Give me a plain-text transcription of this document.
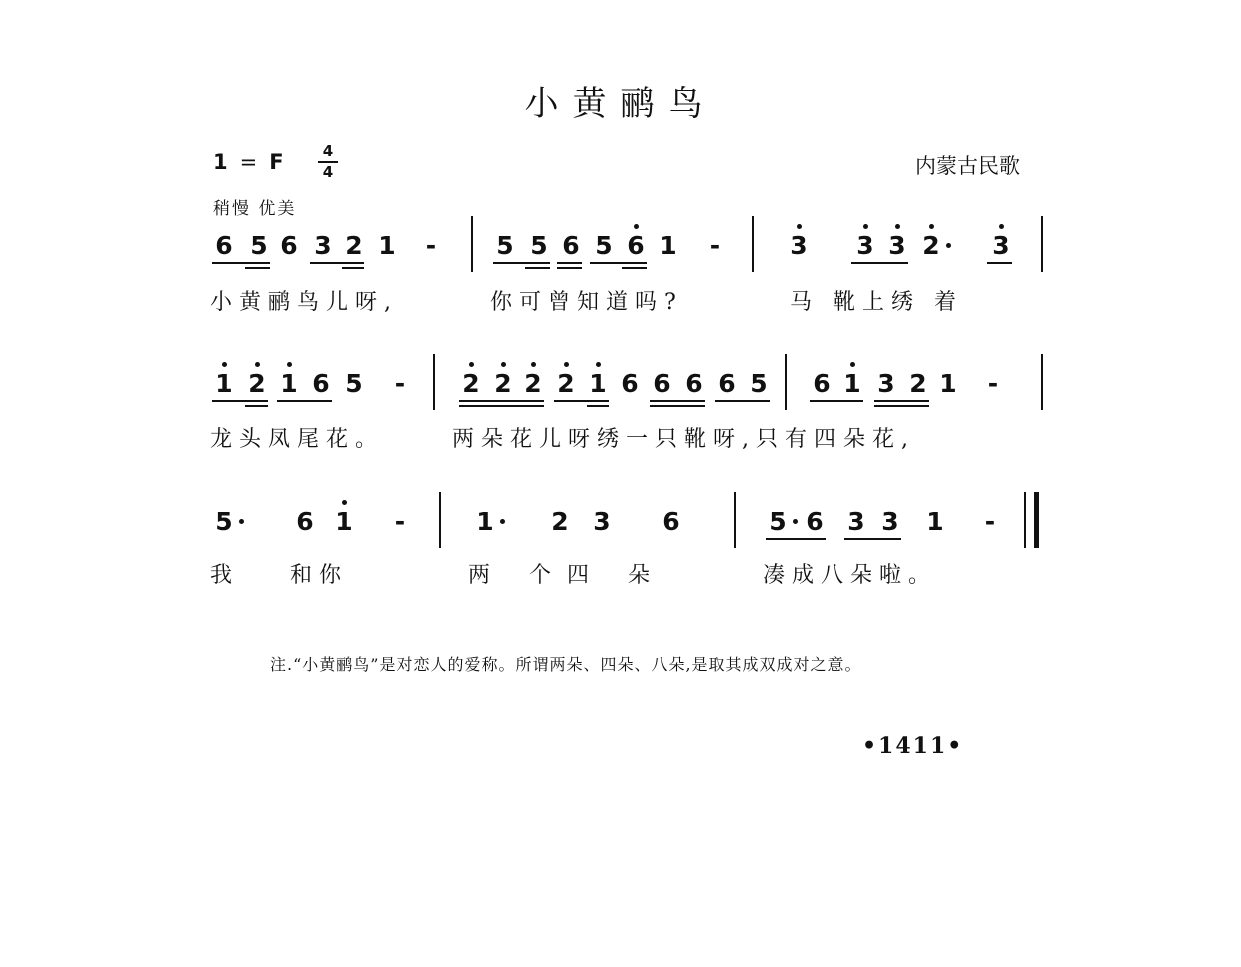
小黄鹂鸟
1 = F	4
4	内蒙古民歌
稍慢 优美
6 5 6 3 2 1 - 5 5 6 5 6 1 -	3 3 3 2 3
1 2 1 6 5 - 2 2 2 2 1 6 6 6 6 5 6 1 3 2 1 -
5	6 1 -	1 2 3 6	5 6 3 3 1 -
小黄鹂鸟儿呀,	你可曾知道吗?	马 靴上绣 着
龙头凤尾花。	两朵花儿呀绣一只靴呀,只有四朵花,
我 和你	两 个四 朵	凑成八朵啦。
注.“小黄鹂鸟”是对恋人的爱称。所谓两朵、四朵、八朵,是取其成双成对之意。
•1411•
